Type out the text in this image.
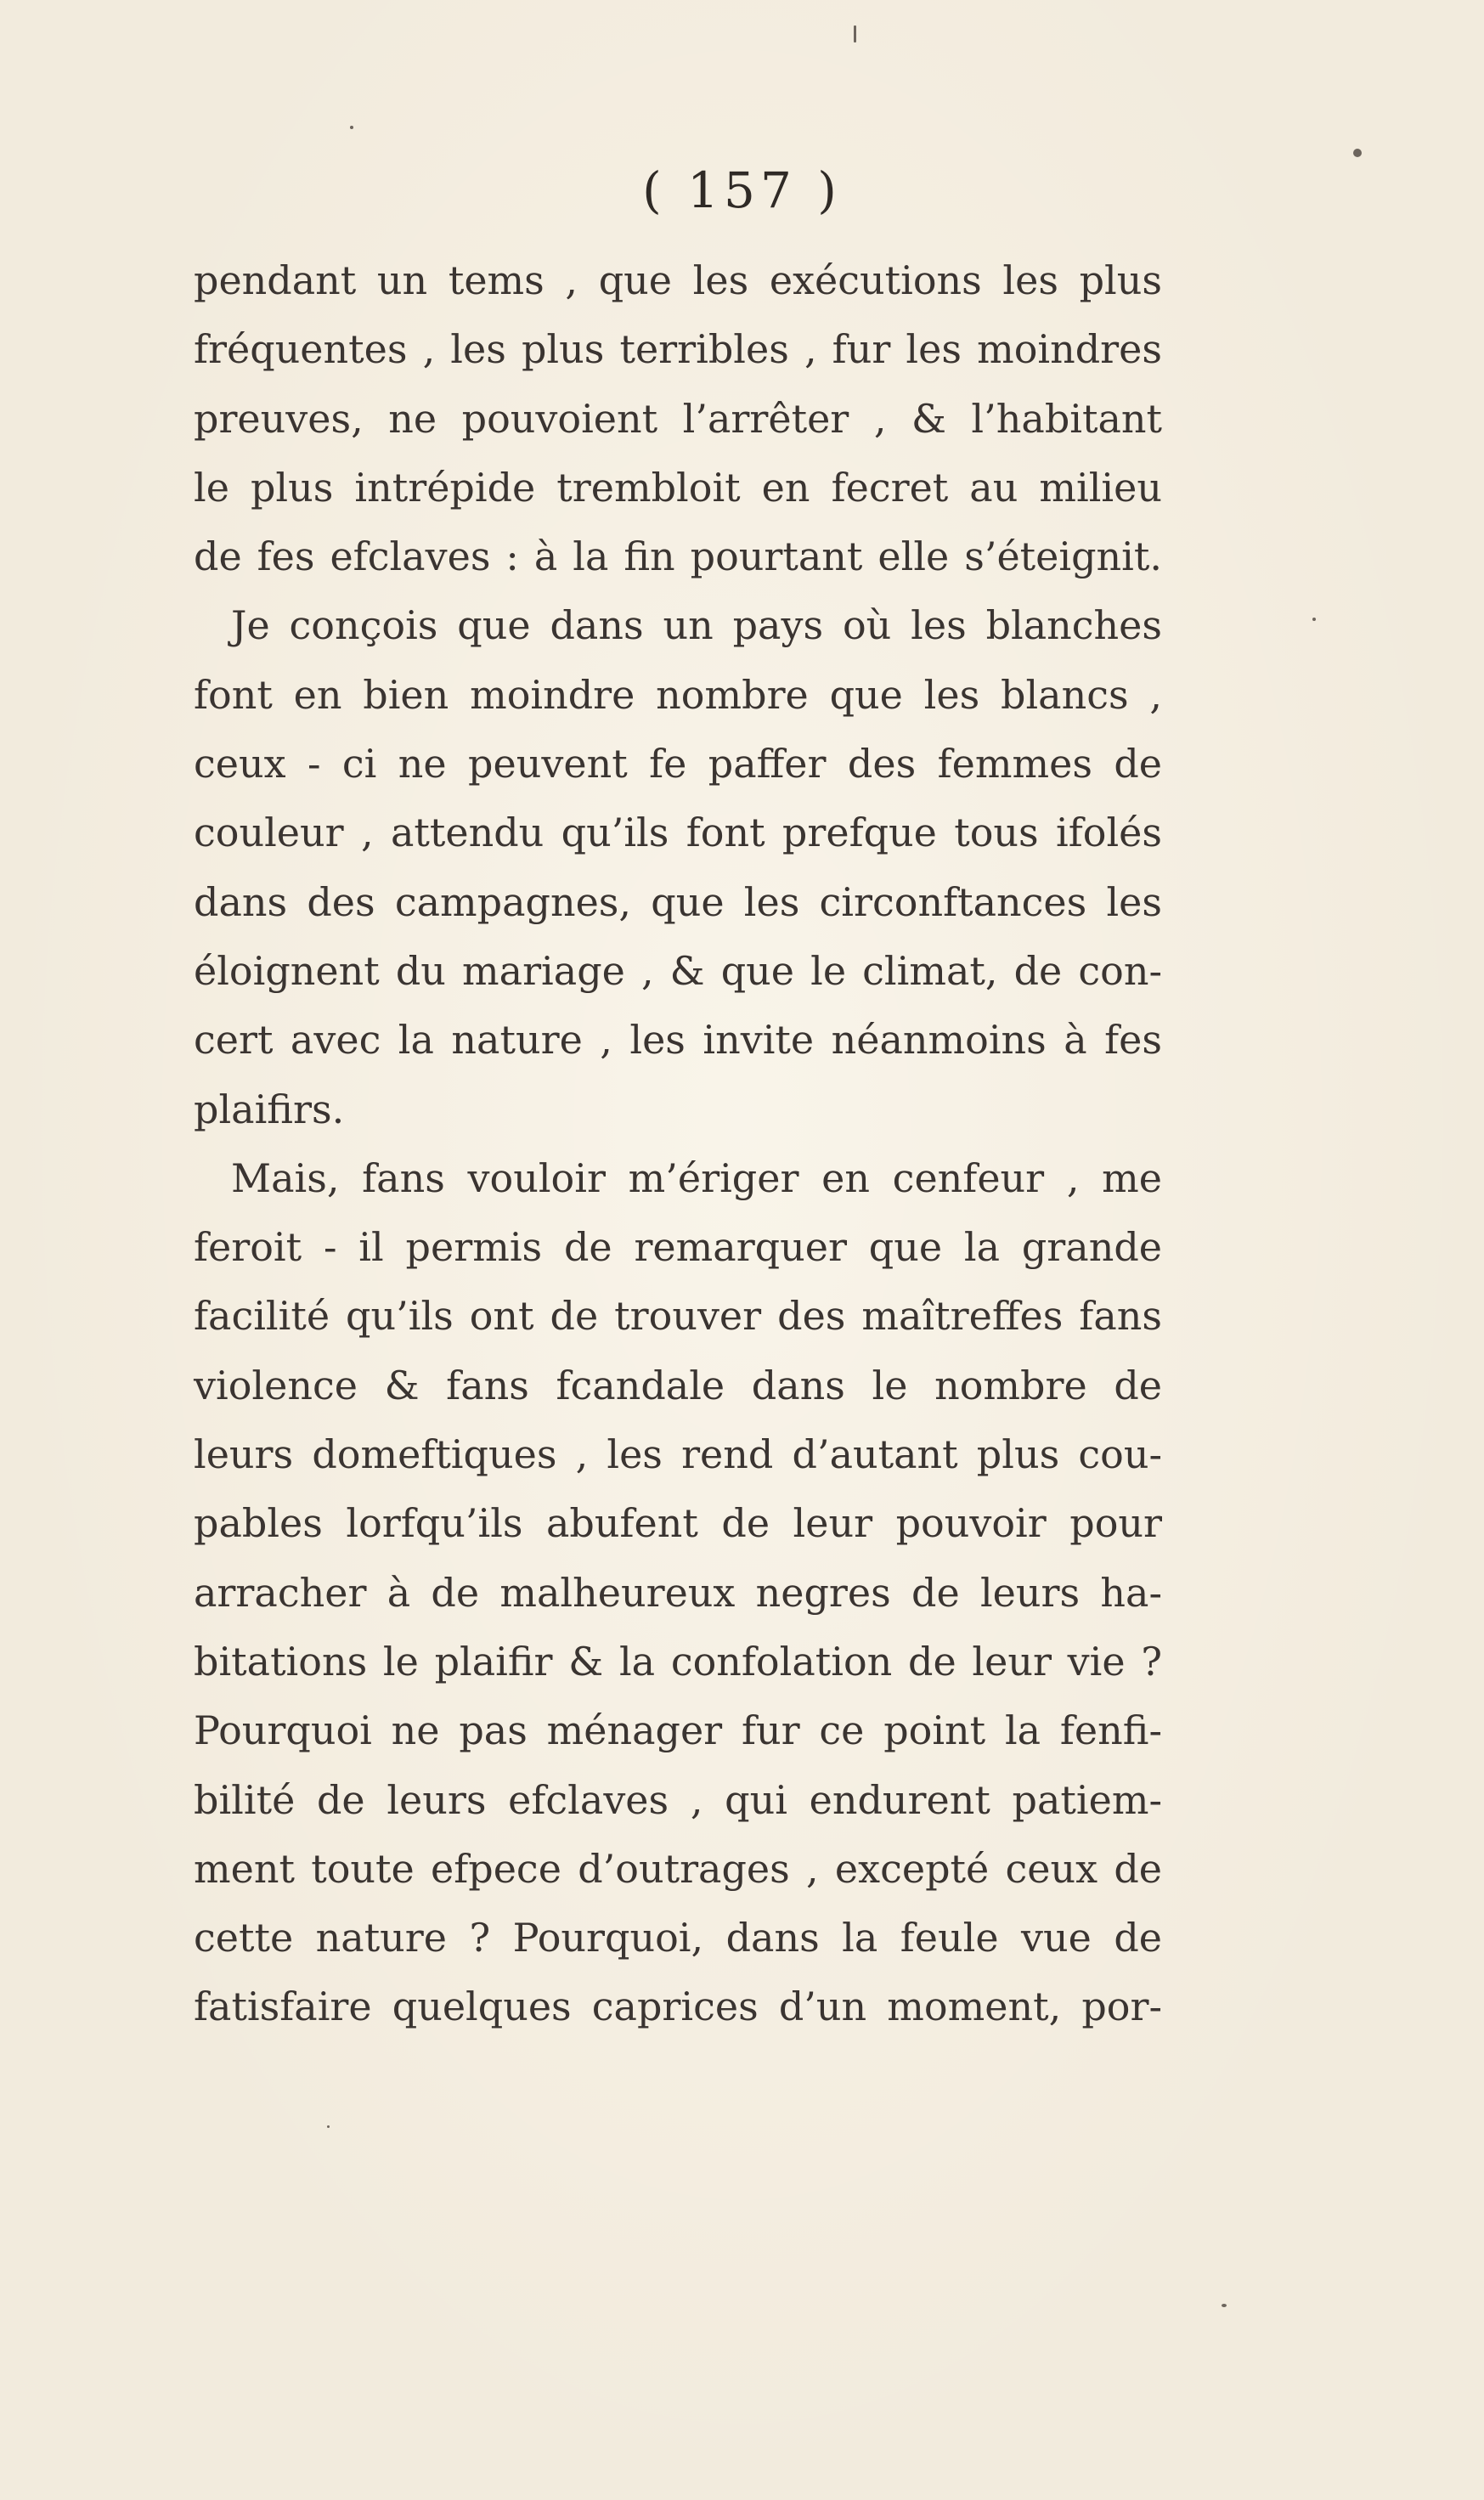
( 157 )
pendant un tems , que les exécutions les plus
fréquentes , les plus terribles , fur les moindres
preuves, ne pouvoient l’arrêter , & l’habitant
le plus intrépide trembloit en fecret au milieu
de fes efclaves : à la fin pourtant elle s’éteignit.
Je conçois que dans un pays où les blanches
font en bien moindre nombre que les blancs ,
ceux - ci ne peuvent fe paffer des femmes de
couleur , attendu qu’ils font prefque tous ifolés
dans des campagnes, que les circonftances les
éloignent du mariage , & que le climat, de con-
cert avec la nature , les invite néanmoins à fes
plaifirs.
Mais, fans vouloir m’ériger en cenfeur , me
feroit - il permis de remarquer que la grande
facilité qu’ils ont de trouver des maîtreffes fans
violence & fans fcandale dans le nombre de
leurs domeftiques , les rend d’autant plus cou-
pables lorfqu’ils abufent de leur pouvoir pour
arracher à de malheureux negres de leurs ha-
bitations le plaifir & la confolation de leur vie ?
Pourquoi ne pas ménager fur ce point la fenfi-
bilité de leurs efclaves , qui endurent patiem-
ment toute efpece d’outrages , excepté ceux de
cette nature ? Pourquoi, dans la feule vue de
fatisfaire quelques caprices d’un moment, por-
